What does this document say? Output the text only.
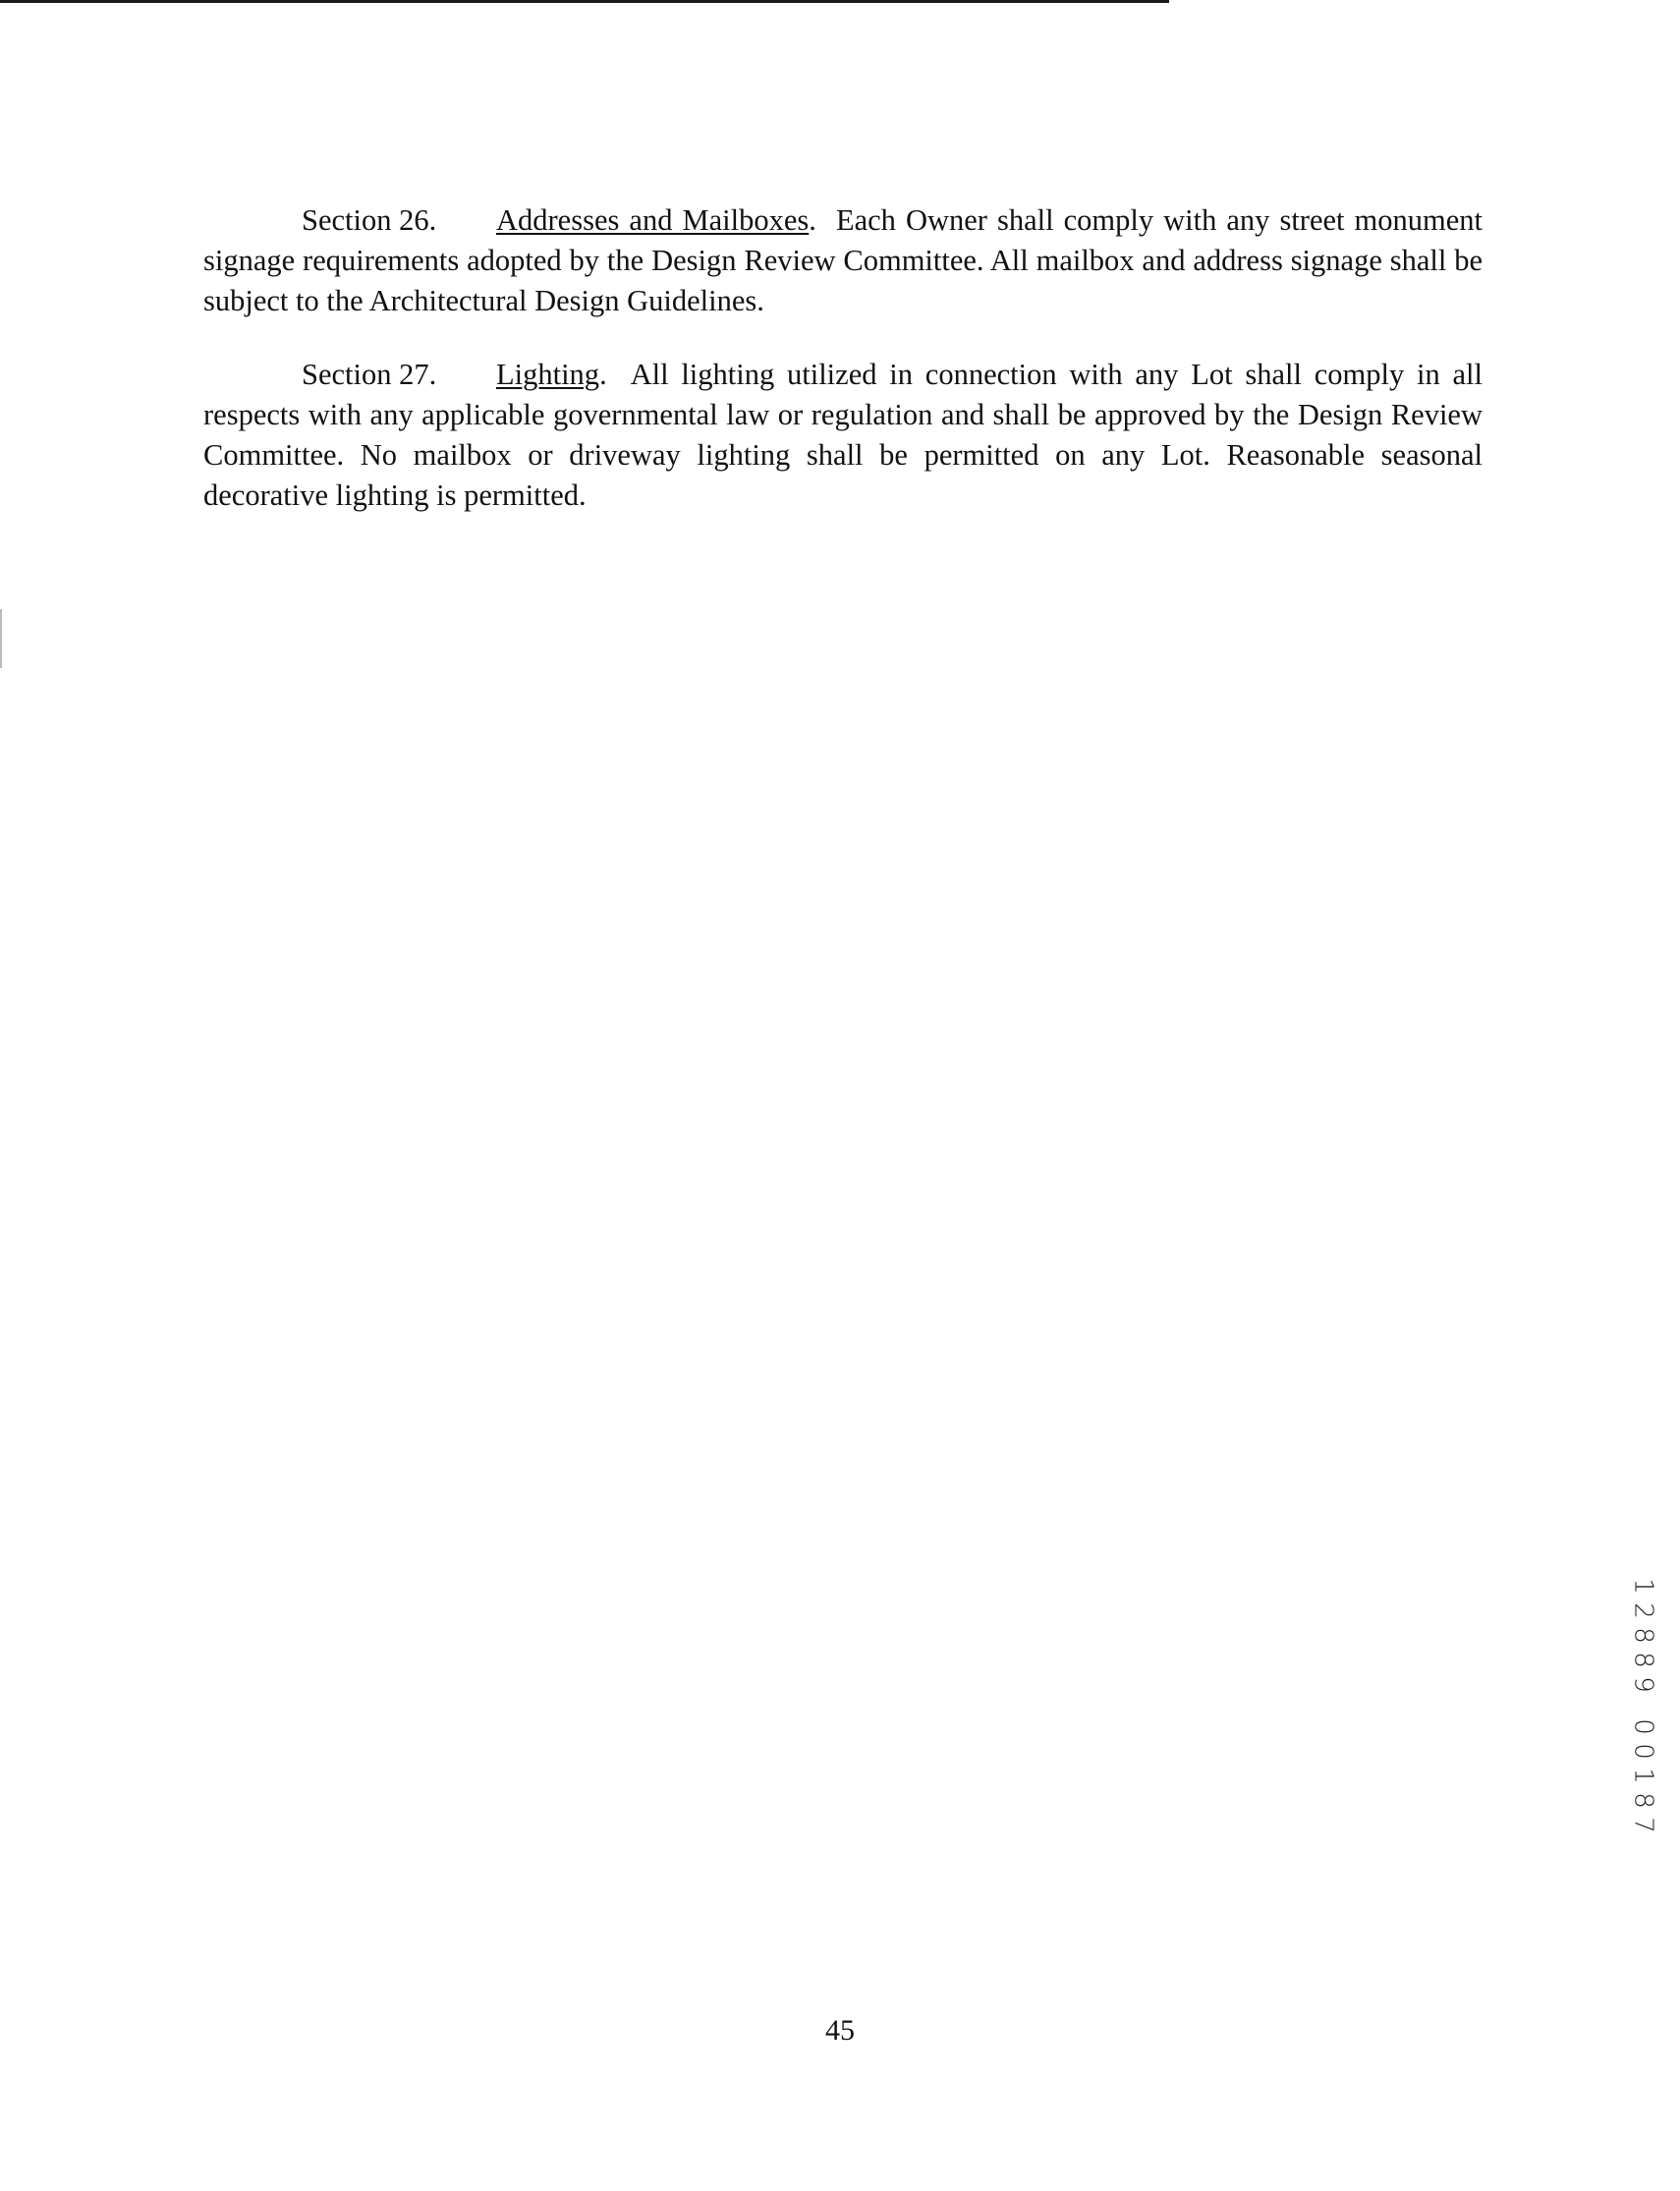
Section 26. Addresses and Mailboxes. Each Owner shall comply with any street monument signage requirements adopted by the Design Review Committee. All mailbox and address signage shall be subject to the Architectural Design Guidelines.

Section 27. Lighting. All lighting utilized in connection with any Lot shall comply in all respects with any applicable governmental law or regulation and shall be approved by the Design Review Committee. No mailbox or driveway lighting shall be permitted on any Lot. Reasonable seasonal decorative lighting is permitted.

1
2
8
8
9
0
0
1
8
7
45
